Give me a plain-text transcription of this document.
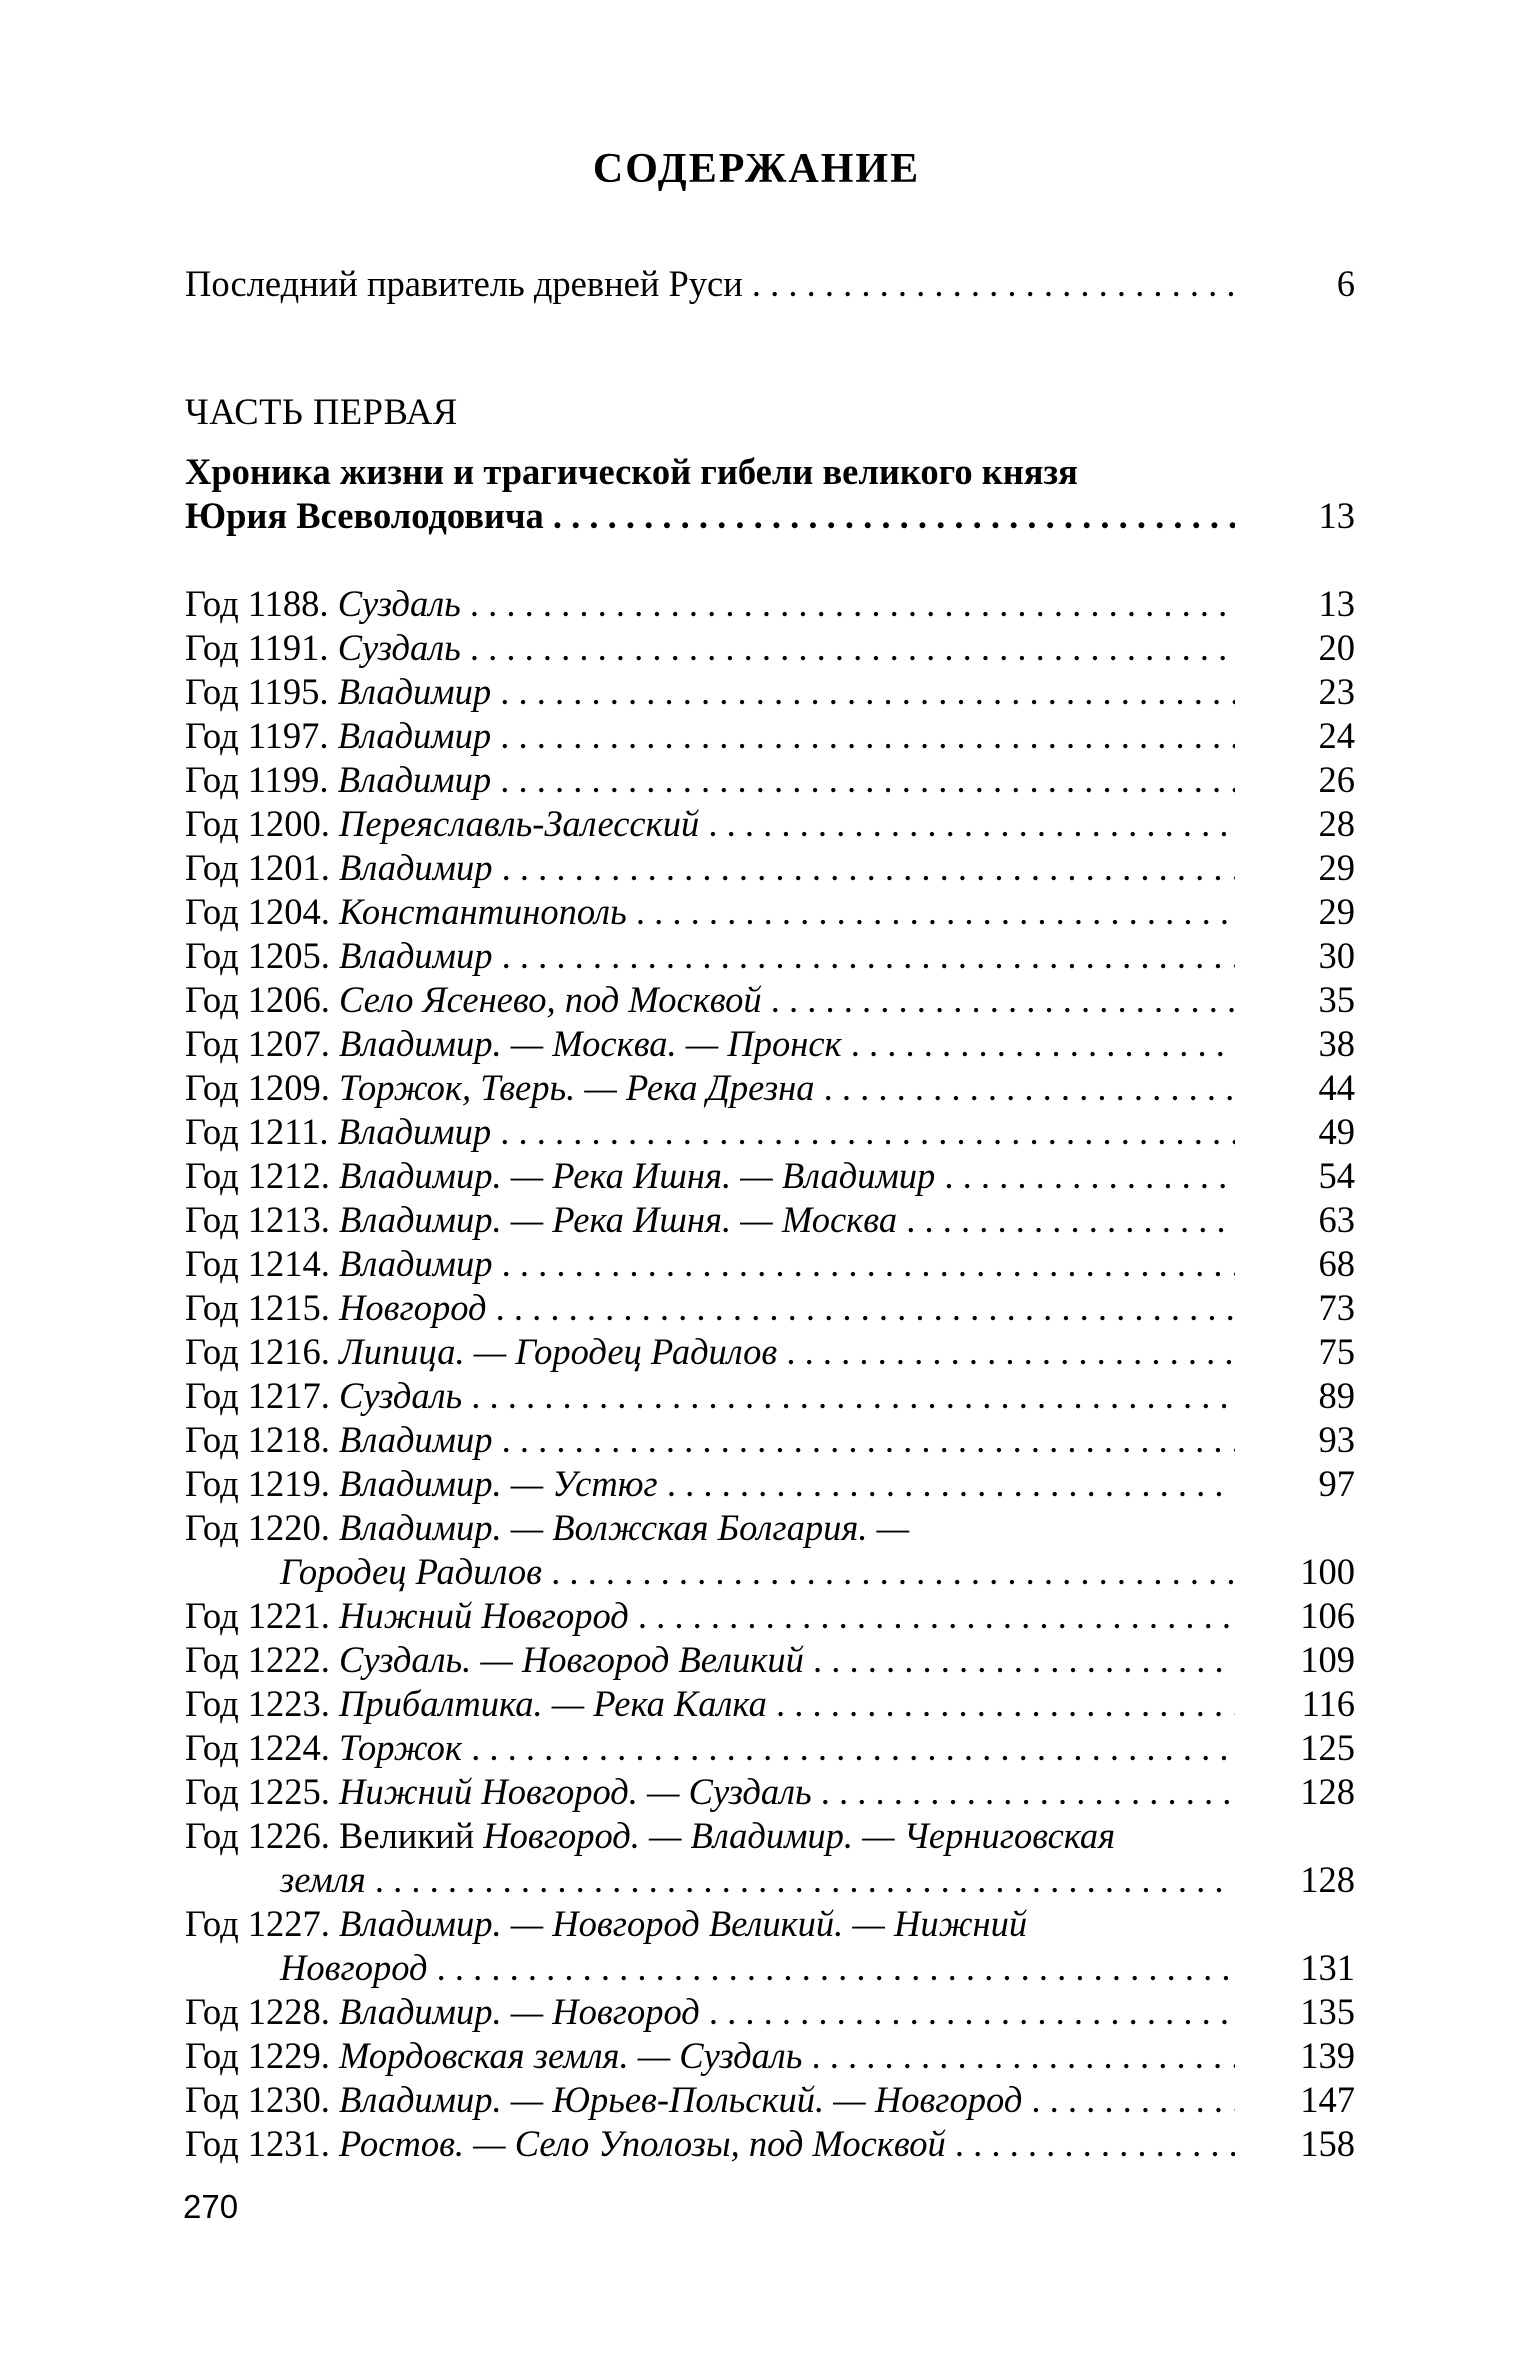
СОДЕРЖАНИЕ
Последний правитель древней Руси . . .	6
ЧАСТЬ ПЕРВАЯ
Хроника жизни и трагической гибели великого князя
Юрия Всеволодовича . . .	13
Год 1188. Суздаль . . .	13
Год 1191. Суздаль . . .	20
Год 1195. Владимир . . .	23
Год 1197. Владимир . . .	24
Год 1199. Владимир . . .	26
Год 1200. Переяславль-Залесский . . .	28
Год 1201. Владимир . . .	29
Год 1204. Константинополь . . .	29
Год 1205. Владимир . . .	30
Год 1206. Село Ясенево, под Москвой . . .	35
Год 1207. Владимир. — Москва. — Пронск . . .	38
Год 1209. Торжок, Тверь. — Река Дрезна . . .	44
Год 1211. Владимир . . .	49
Год 1212. Владимир. — Река Ишня. — Владимир . . .	54
Год 1213. Владимир. — Река Ишня. — Москва . . .	63
Год 1214. Владимир . . .	68
Год 1215. Новгород . . .	73
Год 1216. Липица. — Городец Радилов . . .	75
Год 1217. Суздаль . . .	89
Год 1218. Владимир . . .	93
Год 1219. Владимир. — Устюг . . .	97
Год 1220. Владимир. — Волжская Болгария. —
Городец Радилов . . .	100
Год 1221. Нижний Новгород . . .	106
Год 1222. Суздаль. — Новгород Великий . . .	109
Год 1223. Прибалтика. — Река Калка . . .	116
Год 1224. Торжок . . .	125
Год 1225. Нижний Новгород. — Суздаль . . .	128
Год 1226. Великий Новгород. — Владимир. — Черниговская
земля . . .	128
Год 1227. Владимир. — Новгород Великий. — Нижний
Новгород . . .	131
Год 1228. Владимир. — Новгород . . .	135
Год 1229. Мордовская земля. — Суздаль . . .	139
Год 1230. Владимир. — Юрьев-Польский. — Новгород . . .	147
Год 1231. Ростов. — Село Уполозы, под Москвой . . .	158
270
